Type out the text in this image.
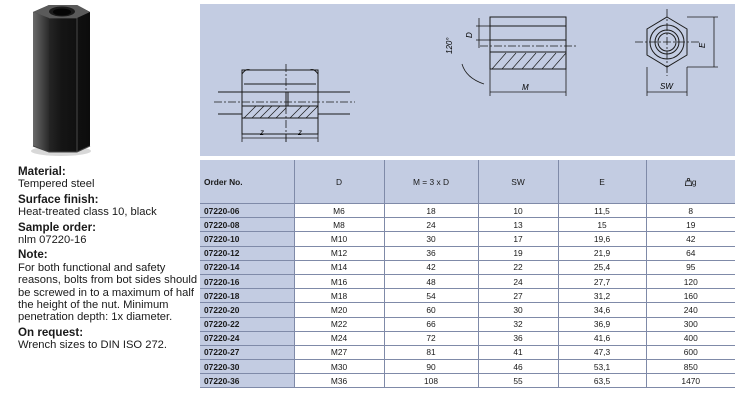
z	z
M
D
120°	E
SW
Material:
Tempered steel
Surface finish:
Heat-treated class 10, black
Sample order:
nlm 07220-16
Note:
For both functional and safety reasons, bolts from bot sides should be screwed in to a maximum of half the height of the nut. Minimum penetration depth: 1x diameter.
On request:
Wrench sizes to DIN ISO 272.
Order No.	D	M = 3 x D	SW	E	g
07220-06	M6	18	10	11,5	8
07220-08	M8	24	13	15	19
07220-10	M10	30	17	19,6	42
07220-12	M12	36	19	21,9	64
07220-14	M14	42	22	25,4	95
07220-16	M16	48	24	27,7	120
07220-18	M18	54	27	31,2	160
07220-20	M20	60	30	34,6	240
07220-22	M22	66	32	36,9	300
07220-24	M24	72	36	41,6	400
07220-27	M27	81	41	47,3	600
07220-30	M30	90	46	53,1	850
07220-36	M36	108	55	63,5	1470
